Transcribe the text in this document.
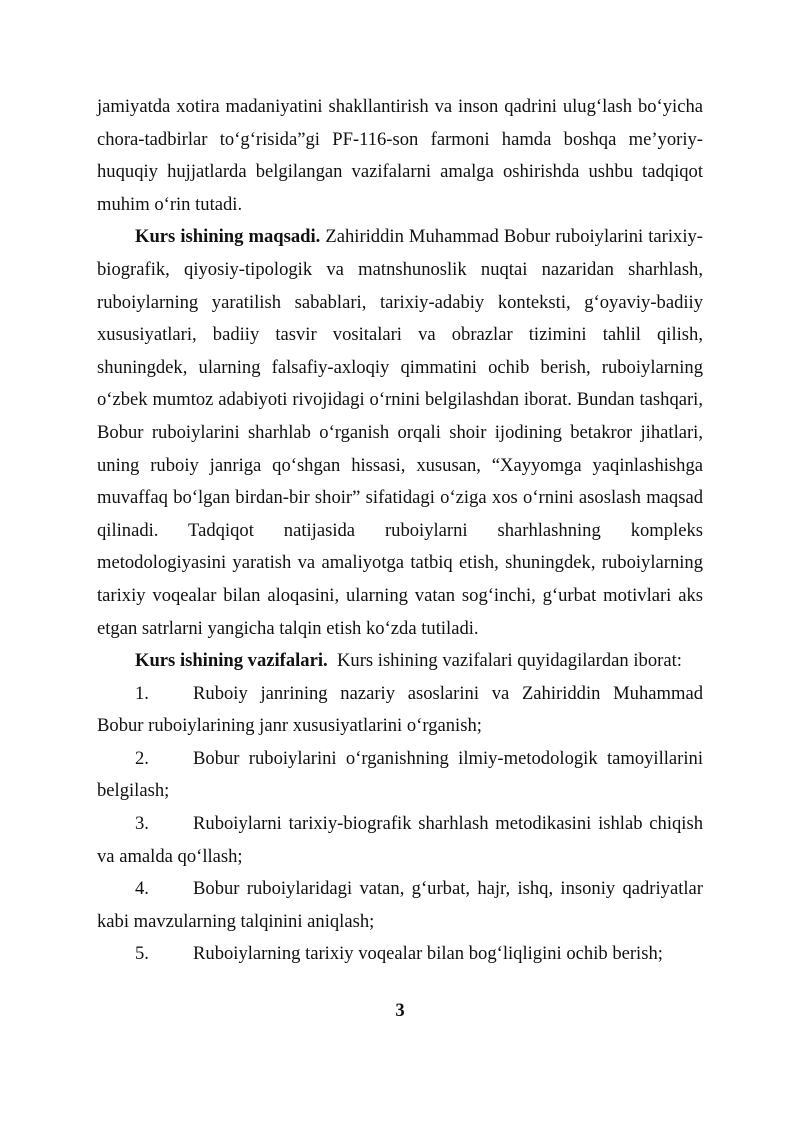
jamiyatda xotira madaniyatini shakllantirish va inson qadrini ulug‘lash bo‘yicha chora-tadbirlar to‘g‘risida”gi PF-116-son farmoni hamda boshqa me’yoriy-huquqiy hujjatlarda belgilangan vazifalarni amalga oshirishda ushbu tadqiqot muhim o‘rin tutadi.

Kurs ishining maqsadi. Zahiriddin Muhammad Bobur ruboiylarini tarixiy-biografik, qiyosiy-tipologik va matnshunoslik nuqtai nazaridan sharhlash, ruboiylarning yaratilish sabablari, tarixiy-adabiy konteksti, g‘oyaviy-badiiy xususiyatlari, badiiy tasvir vositalari va obrazlar tizimini tahlil qilish, shuningdek, ularning falsafiy-axloqiy qimmatini ochib berish, ruboiylarning o‘zbek mumtoz adabiyoti rivojidagi o‘rnini belgilashdan iborat. Bundan tashqari, Bobur ruboiylarini sharhlab o‘rganish orqali shoir ijodining betakror jihatlari, uning ruboiy janriga qo‘shgan hissasi, xususan, “Xayyomga yaqinlashishga muvaffaq bo‘lgan birdan-bir shoir” sifatidagi o‘ziga xos o‘rnini asoslash maqsad qilinadi. Tadqiqot natijasida ruboiylarni sharhlashning kompleks metodologiyasini yaratish va amaliyotga tatbiq etish, shuningdek, ruboiylarning tarixiy voqealar bilan aloqasini, ularning vatan sog‘inchi, g‘urbat motivlari aks etgan satrlarni yangicha talqin etish ko‘zda tutiladi.

Kurs ishining vazifalari.  Kurs ishining vazifalari quyidagilardan iborat:

1. Ruboiy janrining nazariy asoslarini va Zahiriddin Muhammad Bobur ruboiylarining janr xususiyatlarini o‘rganish;

2. Bobur ruboiylarini o‘rganishning ilmiy-metodologik tamoyillarini belgilash;

3. Ruboiylarni tarixiy-biografik sharhlash metodikasini ishlab chiqish va amalda qo‘llash;

4. Bobur ruboiylaridagi vatan, g‘urbat, hajr, ishq, insoniy qadriyatlar kabi mavzularning talqinini aniqlash;

5. Ruboiylarning tarixiy voqealar bilan bog‘liqligini ochib berish;

3
